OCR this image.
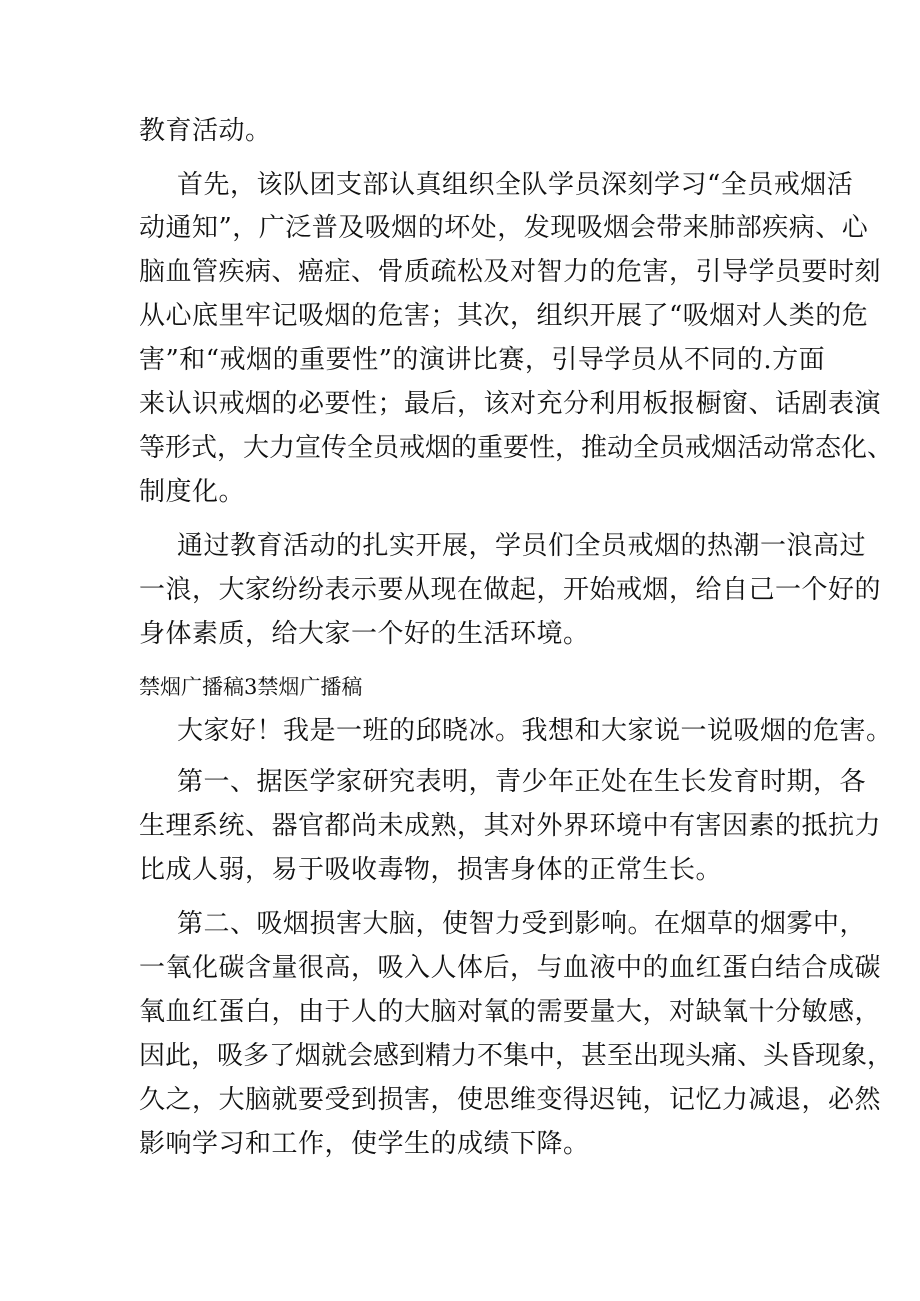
教育活动。
首先，该队团支部认真组织全队学员深刻学习“全员戒烟活
动通知”，广泛普及吸烟的坏处，发现吸烟会带来肺部疾病、心
脑血管疾病、癌症、骨质疏松及对智力的危害，引导学员要时刻
从心底里牢记吸烟的危害；其次，组织开展了“吸烟对人类的危
害”和“戒烟的重要性”的演讲比赛，引导学员从不同的.方面
来认识戒烟的必要性；最后，该对充分利用板报橱窗、话剧表演
等形式，大力宣传全员戒烟的重要性，推动全员戒烟活动常态化、
制度化。
通过教育活动的扎实开展，学员们全员戒烟的热潮一浪高过
一浪，大家纷纷表示要从现在做起，开始戒烟，给自己一个好的
身体素质，给大家一个好的生活环境。
禁烟广播稿3禁烟广播稿
大家好！我是一班的邱晓冰。我想和大家说一说吸烟的危害。
第一、据医学家研究表明，青少年正处在生长发育时期，各
生理系统、器官都尚未成熟，其对外界环境中有害因素的抵抗力
比成人弱，易于吸收毒物，损害身体的正常生长。
第二、吸烟损害大脑，使智力受到影响。在烟草的烟雾中，
一氧化碳含量很高，吸入人体后，与血液中的血红蛋白结合成碳
氧血红蛋白，由于人的大脑对氧的需要量大，对缺氧十分敏感，
因此，吸多了烟就会感到精力不集中，甚至出现头痛、头昏现象，
久之，大脑就要受到损害，使思维变得迟钝，记忆力减退，必然
影响学习和工作，使学生的成绩下降。
